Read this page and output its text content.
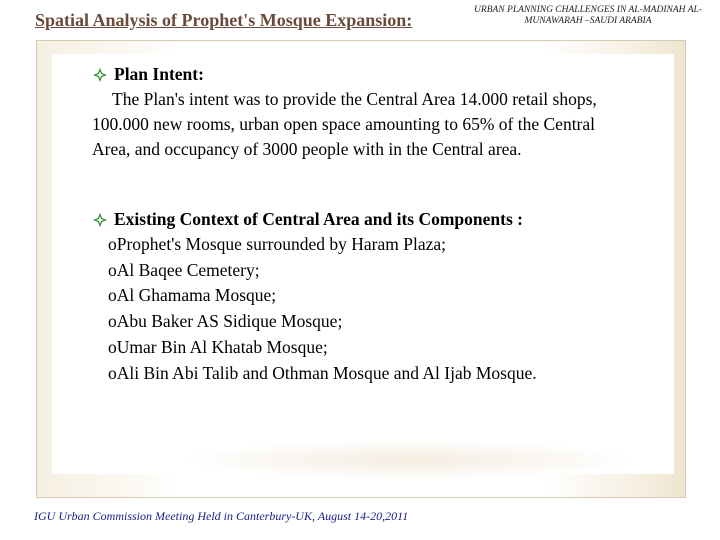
Spatial Analysis of Prophet's Mosque Expansion:	URBAN PLANNING CHALLENGES IN AL-MADINAH AL-
MUNAWARAH –SAUDI ARABIA
Plan Intent:
The Plan's intent was to provide the Central Area 14.000 retail shops,
100.000 new rooms, urban open space amounting to 65% of the Central
Area, and occupancy of 3000 people with in the Central area.
Existing Context of Central Area and its Components :
oProphet's Mosque surrounded by Haram Plaza;
oAl Baqee Cemetery;
oAl Ghamama Mosque;
oAbu Baker AS Sidique Mosque;
oUmar Bin Al Khatab Mosque;
oAli Bin Abi Talib and Othman Mosque and Al Ijab Mosque.
IGU Urban Commission Meeting Held in Canterbury-UK, August 14-20,2011
